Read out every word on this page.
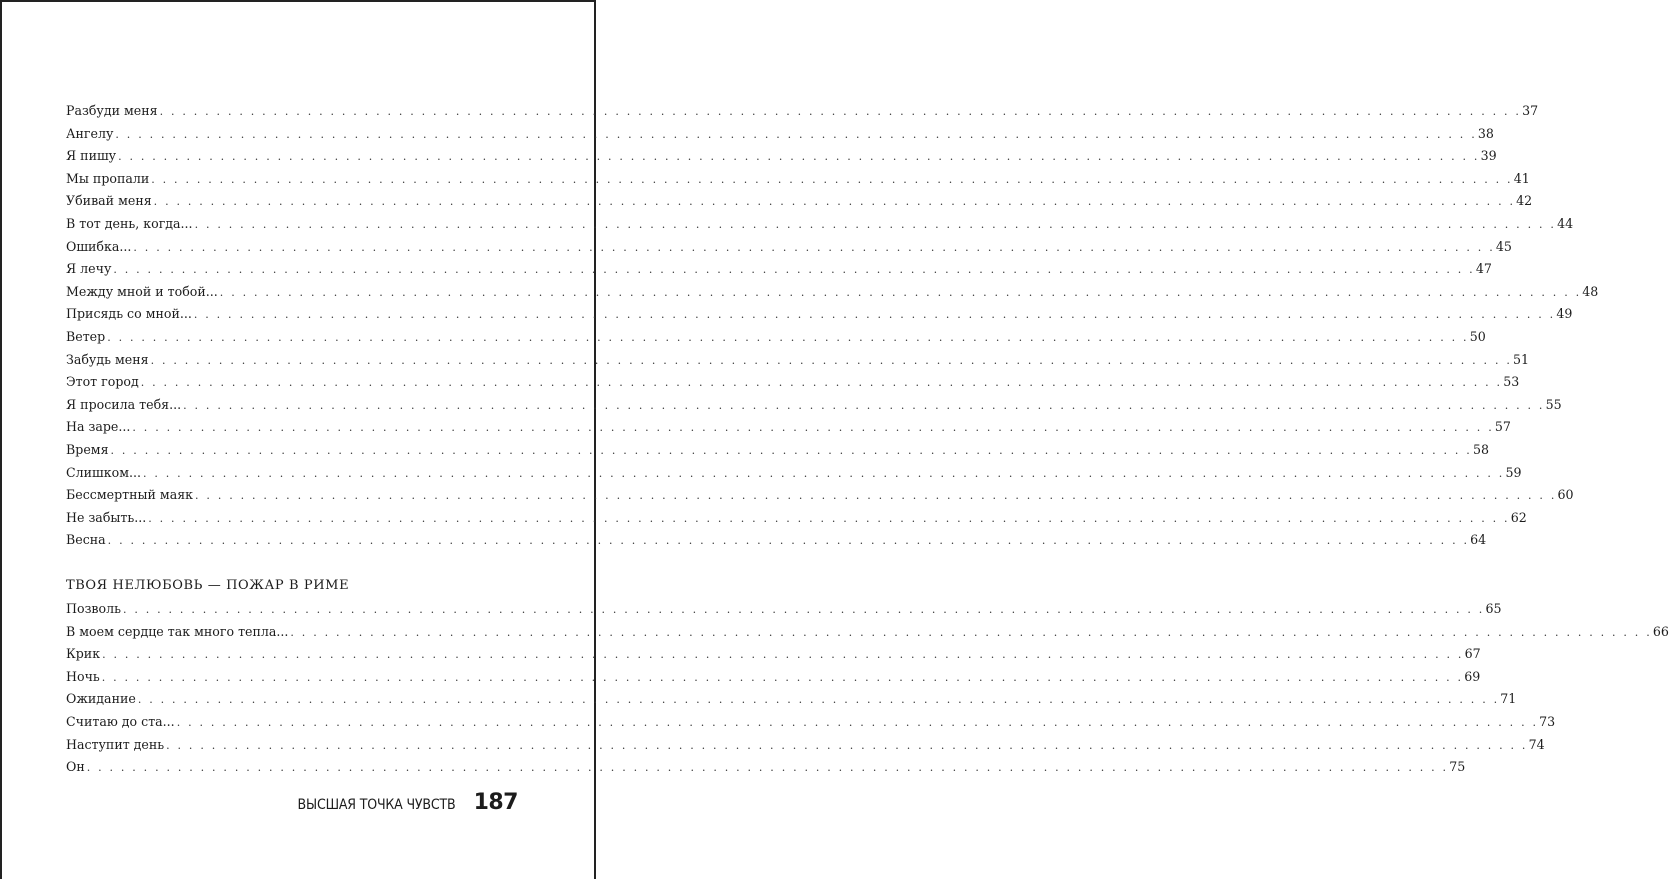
Разбуди меня . . . . . . . . . . . . . . . . . . . . . . . . . . . . . . . . . . . . . . . . . . . . . . . . . . . . . . . . . . . . . . . . . . . . . . . . . . . . . . . . . . . . . . . . . . . . . . . . . . . . . . . . . . . . . . . . . . . . . . . . 37
Ангелу . . . . . . . . . . . . . . . . . . . . . . . . . . . . . . . . . . . . . . . . . . . . . . . . . . . . . . . . . . . . . . . . . . . . . . . . . . . . . . . . . . . . . . . . . . . . . . . . . . . . . . . . . . . . . . . . . . . . . . . . 38
Я пишу . . . . . . . . . . . . . . . . . . . . . . . . . . . . . . . . . . . . . . . . . . . . . . . . . . . . . . . . . . . . . . . . . . . . . . . . . . . . . . . . . . . . . . . . . . . . . . . . . . . . . . . . . . . . . . . . . . . . . . . . 39
Мы пропали . . . . . . . . . . . . . . . . . . . . . . . . . . . . . . . . . . . . . . . . . . . . . . . . . . . . . . . . . . . . . . . . . . . . . . . . . . . . . . . . . . . . . . . . . . . . . . . . . . . . . . . . . . . . . . . . . . . . . . . . 41
Убивай меня . . . . . . . . . . . . . . . . . . . . . . . . . . . . . . . . . . . . . . . . . . . . . . . . . . . . . . . . . . . . . . . . . . . . . . . . . . . . . . . . . . . . . . . . . . . . . . . . . . . . . . . . . . . . . . . . . . . . . . . . 42
В тот день, когда... . . . . . . . . . . . . . . . . . . . . . . . . . . . . . . . . . . . . . . . . . . . . . . . . . . . . . . . . . . . . . . . . . . . . . . . . . . . . . . . . . . . . . . . . . . . . . . . . . . . . . . . . . . . . . . . . . . . . . . . . 44
Ошибка... . . . . . . . . . . . . . . . . . . . . . . . . . . . . . . . . . . . . . . . . . . . . . . . . . . . . . . . . . . . . . . . . . . . . . . . . . . . . . . . . . . . . . . . . . . . . . . . . . . . . . . . . . . . . . . . . . . . . . . . . 45
Я лечу . . . . . . . . . . . . . . . . . . . . . . . . . . . . . . . . . . . . . . . . . . . . . . . . . . . . . . . . . . . . . . . . . . . . . . . . . . . . . . . . . . . . . . . . . . . . . . . . . . . . . . . . . . . . . . . . . . . . . . . . 47
Между мной и тобой... . . . . . . . . . . . . . . . . . . . . . . . . . . . . . . . . . . . . . . . . . . . . . . . . . . . . . . . . . . . . . . . . . . . . . . . . . . . . . . . . . . . . . . . . . . . . . . . . . . . . . . . . . . . . . . . . . . . . . . . . 48
Присядь со мной... . . . . . . . . . . . . . . . . . . . . . . . . . . . . . . . . . . . . . . . . . . . . . . . . . . . . . . . . . . . . . . . . . . . . . . . . . . . . . . . . . . . . . . . . . . . . . . . . . . . . . . . . . . . . . . . . . . . . . . . . 49
Ветер . . . . . . . . . . . . . . . . . . . . . . . . . . . . . . . . . . . . . . . . . . . . . . . . . . . . . . . . . . . . . . . . . . . . . . . . . . . . . . . . . . . . . . . . . . . . . . . . . . . . . . . . . . . . . . . . . . . . . . . . 50
Забудь меня . . . . . . . . . . . . . . . . . . . . . . . . . . . . . . . . . . . . . . . . . . . . . . . . . . . . . . . . . . . . . . . . . . . . . . . . . . . . . . . . . . . . . . . . . . . . . . . . . . . . . . . . . . . . . . . . . . . . . . . . 51
Этот город . . . . . . . . . . . . . . . . . . . . . . . . . . . . . . . . . . . . . . . . . . . . . . . . . . . . . . . . . . . . . . . . . . . . . . . . . . . . . . . . . . . . . . . . . . . . . . . . . . . . . . . . . . . . . . . . . . . . . . . . 53
Я просила тебя... . . . . . . . . . . . . . . . . . . . . . . . . . . . . . . . . . . . . . . . . . . . . . . . . . . . . . . . . . . . . . . . . . . . . . . . . . . . . . . . . . . . . . . . . . . . . . . . . . . . . . . . . . . . . . . . . . . . . . . . . 55
На заре... . . . . . . . . . . . . . . . . . . . . . . . . . . . . . . . . . . . . . . . . . . . . . . . . . . . . . . . . . . . . . . . . . . . . . . . . . . . . . . . . . . . . . . . . . . . . . . . . . . . . . . . . . . . . . . . . . . . . . . . . 57
Время . . . . . . . . . . . . . . . . . . . . . . . . . . . . . . . . . . . . . . . . . . . . . . . . . . . . . . . . . . . . . . . . . . . . . . . . . . . . . . . . . . . . . . . . . . . . . . . . . . . . . . . . . . . . . . . . . . . . . . . . 58
Слишком... . . . . . . . . . . . . . . . . . . . . . . . . . . . . . . . . . . . . . . . . . . . . . . . . . . . . . . . . . . . . . . . . . . . . . . . . . . . . . . . . . . . . . . . . . . . . . . . . . . . . . . . . . . . . . . . . . . . . . . . . 59
Бессмертный маяк . . . . . . . . . . . . . . . . . . . . . . . . . . . . . . . . . . . . . . . . . . . . . . . . . . . . . . . . . . . . . . . . . . . . . . . . . . . . . . . . . . . . . . . . . . . . . . . . . . . . . . . . . . . . . . . . . . . . . . . . 60
Не забыть... . . . . . . . . . . . . . . . . . . . . . . . . . . . . . . . . . . . . . . . . . . . . . . . . . . . . . . . . . . . . . . . . . . . . . . . . . . . . . . . . . . . . . . . . . . . . . . . . . . . . . . . . . . . . . . . . . . . . . . . . 62
Весна . . . . . . . . . . . . . . . . . . . . . . . . . . . . . . . . . . . . . . . . . . . . . . . . . . . . . . . . . . . . . . . . . . . . . . . . . . . . . . . . . . . . . . . . . . . . . . . . . . . . . . . . . . . . . . . . . . . . . . . . 64
ТВОЯ НЕЛЮБОВЬ — ПОЖАР В РИМЕ
Позволь . . . . . . . . . . . . . . . . . . . . . . . . . . . . . . . . . . . . . . . . . . . . . . . . . . . . . . . . . . . . . . . . . . . . . . . . . . . . . . . . . . . . . . . . . . . . . . . . . . . . . . . . . . . . . . . . . . . . . . . . 65
В моем сердце так много тепла... . . . . . . . . . . . . . . . . . . . . . . . . . . . . . . . . . . . . . . . . . . . . . . . . . . . . . . . . . . . . . . . . . . . . . . . . . . . . . . . . . . . . . . . . . . . . . . . . . . . . . . . . . . . . . . . . . . . . . . . . 66
Крик . . . . . . . . . . . . . . . . . . . . . . . . . . . . . . . . . . . . . . . . . . . . . . . . . . . . . . . . . . . . . . . . . . . . . . . . . . . . . . . . . . . . . . . . . . . . . . . . . . . . . . . . . . . . . . . . . . . . . . . . 67
Ночь . . . . . . . . . . . . . . . . . . . . . . . . . . . . . . . . . . . . . . . . . . . . . . . . . . . . . . . . . . . . . . . . . . . . . . . . . . . . . . . . . . . . . . . . . . . . . . . . . . . . . . . . . . . . . . . . . . . . . . . . 69
Ожидание . . . . . . . . . . . . . . . . . . . . . . . . . . . . . . . . . . . . . . . . . . . . . . . . . . . . . . . . . . . . . . . . . . . . . . . . . . . . . . . . . . . . . . . . . . . . . . . . . . . . . . . . . . . . . . . . . . . . . . . . 71
Считаю до ста... . . . . . . . . . . . . . . . . . . . . . . . . . . . . . . . . . . . . . . . . . . . . . . . . . . . . . . . . . . . . . . . . . . . . . . . . . . . . . . . . . . . . . . . . . . . . . . . . . . . . . . . . . . . . . . . . . . . . . . . . 73
Наступит день . . . . . . . . . . . . . . . . . . . . . . . . . . . . . . . . . . . . . . . . . . . . . . . . . . . . . . . . . . . . . . . . . . . . . . . . . . . . . . . . . . . . . . . . . . . . . . . . . . . . . . . . . . . . . . . . . . . . . . . . 74
Он . . . . . . . . . . . . . . . . . . . . . . . . . . . . . . . . . . . . . . . . . . . . . . . . . . . . . . . . . . . . . . . . . . . . . . . . . . . . . . . . . . . . . . . . . . . . . . . . . . . . . . . . . . . . . . . . . . . . . . . . 75
ВЫСШАЯ ТОЧКА ЧУВСТВ 187
